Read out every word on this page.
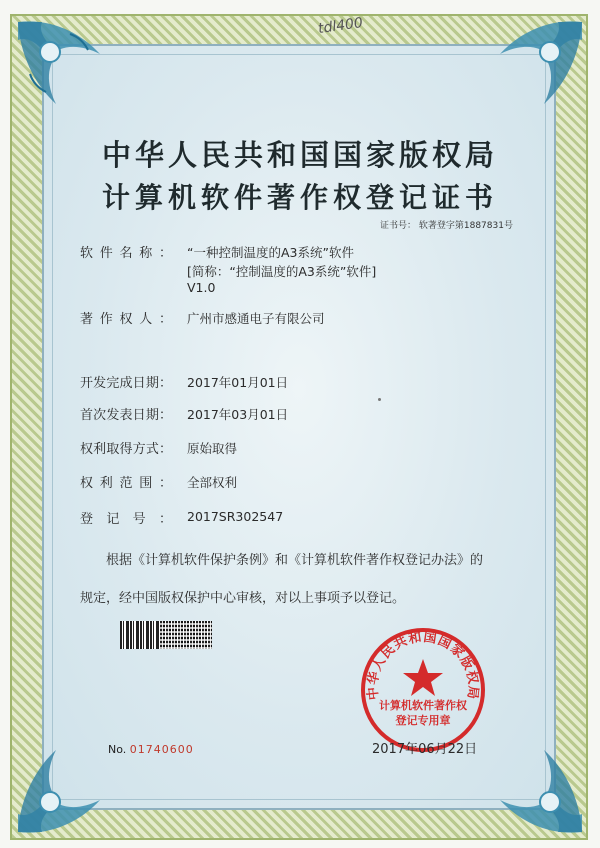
tdl400
中华人民共和国国家版权局
计算机软件著作权登记证书
证书号： 软著登字第1887831号
软件名称： “一种控制温度的A3系统”软件
[简称：“控制温度的A3系统”软件]
V1.0
著作权人： 广州市感通电子有限公司
开发完成日期： 2017年01月01日
首次发表日期： 2017年03月01日
权利取得方式： 原始取得
权利范围： 全部权利
登记号： 2017SR302547
根据《计算机软件保护条例》和《计算机软件著作权登记办法》的
规定，经中国版权保护中心审核，对以上事项予以登记。
中华人民共和国国家版权局
计算机软件著作权
登记专用章
No. 01740600	2017年06月22日
